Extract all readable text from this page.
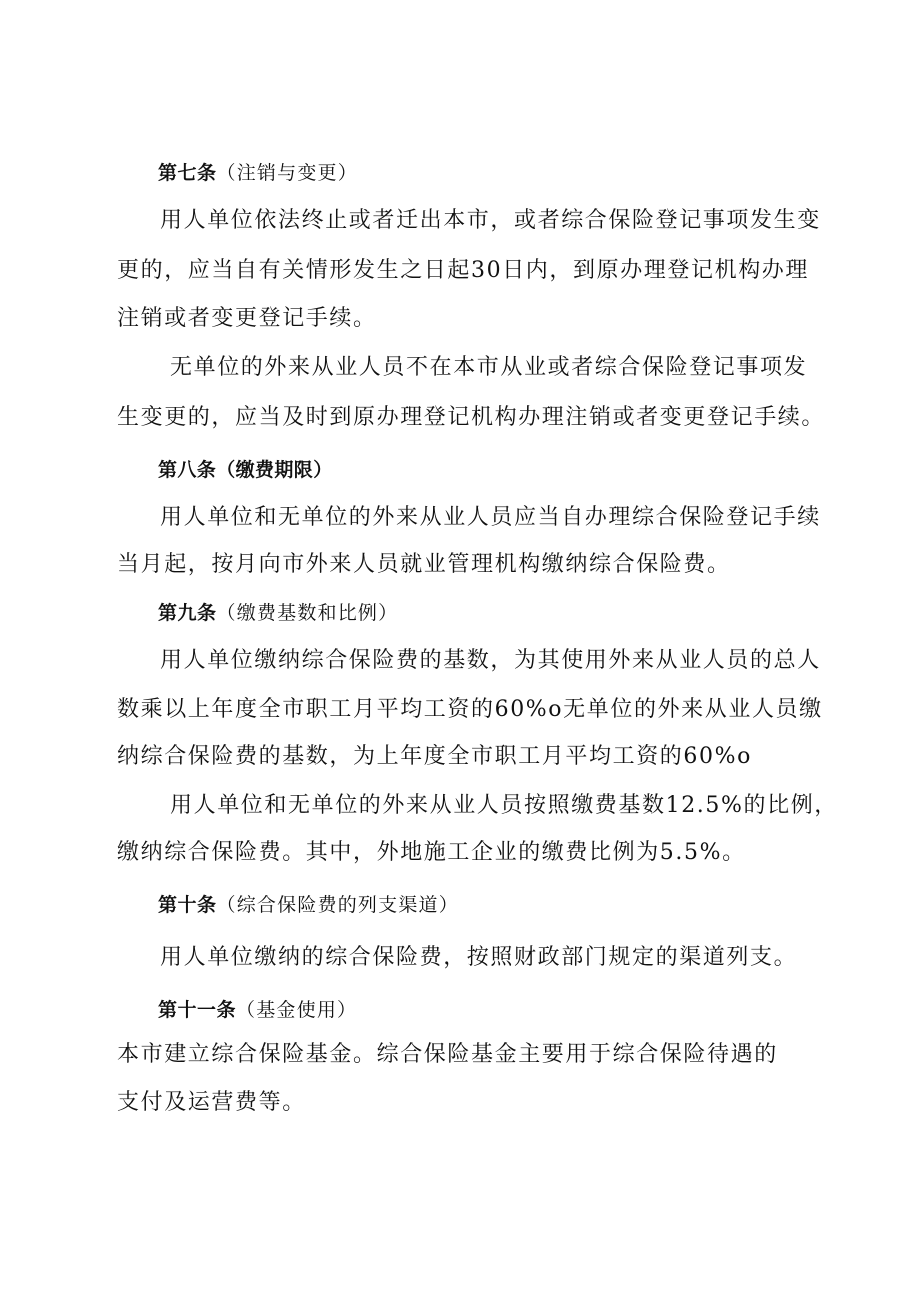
第七条（注销与变更）
用人单位依法终止或者迁出本市，或者综合保险登记事项发生变
更的，应当自有关情形发生之日起30日内，到原办理登记机构办理
注销或者变更登记手续。
无单位的外来从业人员不在本市从业或者综合保险登记事项发
生变更的，应当及时到原办理登记机构办理注销或者变更登记手续。
第八条（缴费期限）
用人单位和无单位的外来从业人员应当自办理综合保险登记手续
当月起，按月向市外来人员就业管理机构缴纳综合保险费。
第九条（缴费基数和比例）
用人单位缴纳综合保险费的基数，为其使用外来从业人员的总人
数乘以上年度全市职工月平均工资的60%o无单位的外来从业人员缴
纳综合保险费的基数，为上年度全市职工月平均工资的60%o
用人单位和无单位的外来从业人员按照缴费基数12.5%的比例，
缴纳综合保险费。其中，外地施工企业的缴费比例为5.5%。
第十条（综合保险费的列支渠道）
用人单位缴纳的综合保险费，按照财政部门规定的渠道列支。
第十一条（基金使用）
本市建立综合保险基金。综合保险基金主要用于综合保险待遇的
支付及运营费等。
